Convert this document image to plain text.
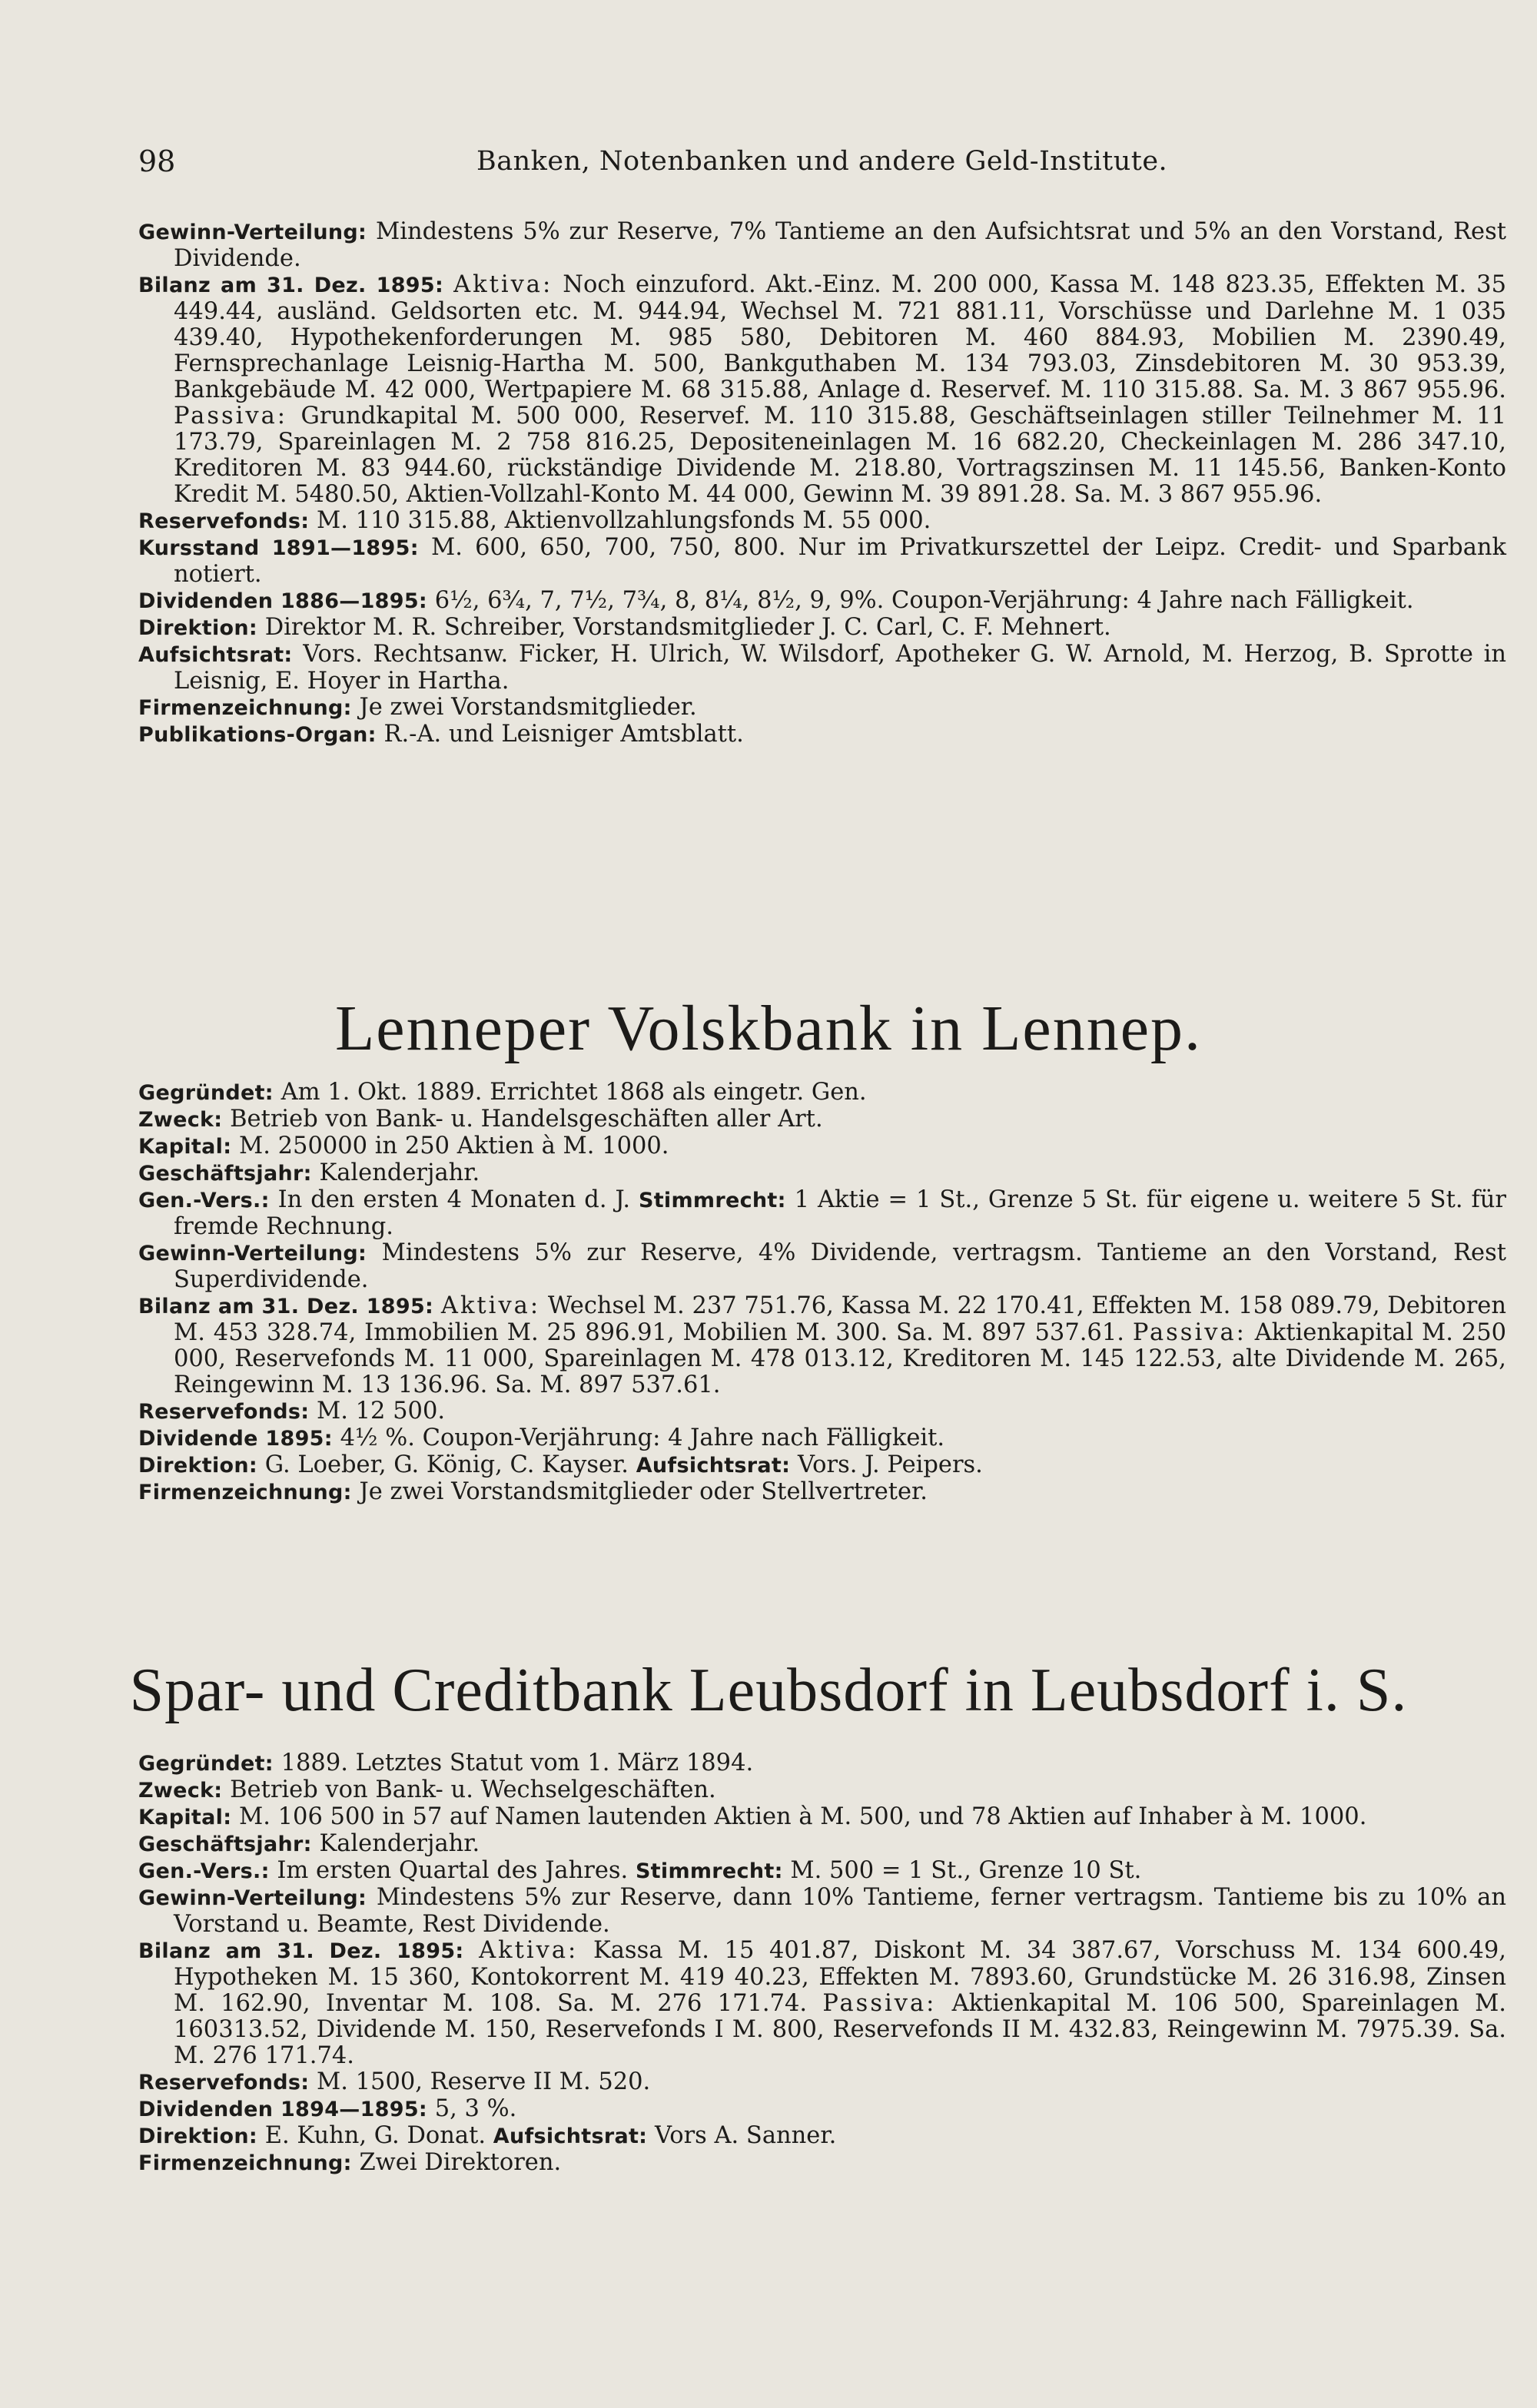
98	Banken, Notenbanken und andere Geld-Institute.
Gewinn-Verteilung: Mindestens 5% zur Reserve, 7% Tantieme an den Aufsichtsrat und 5% an den Vorstand, Rest Dividende.
Bilanz am 31. Dez. 1895: Aktiva: Noch einzuford. Akt.-Einz. M. 200 000, Kassa M. 148 823.35, Effekten M. 35 449.44, ausländ. Geldsorten etc. M. 944.94, Wechsel M. 721 881.11, Vorschüsse und Darlehne M. 1 035 439.40, Hypothekenforderungen M. 985 580, Debitoren M. 460 884.93, Mobilien M. 2390.49, Fernsprechanlage Leisnig-Hartha M. 500, Bankguthaben M. 134 793.03, Zinsdebitoren M. 30 953.39, Bankgebäude M. 42 000, Wertpapiere M. 68 315.88, Anlage d. Reservef. M. 110 315.88. Sa. M. 3 867 955.96. Passiva: Grundkapital M. 500 000, Reservef. M. 110 315.88, Geschäftseinlagen stiller Teilnehmer M. 11 173.79, Spareinlagen M. 2 758 816.25, Depositeneinlagen M. 16 682.20, Checkeinlagen M. 286 347.10, Kreditoren M. 83 944.60, rückständige Dividende M. 218.80, Vortragszinsen M. 11 145.56, Banken-Konto Kredit M. 5480.50, Aktien-Vollzahl-Konto M. 44 000, Gewinn M. 39 891.28. Sa. M. 3 867 955.96.
Reservefonds: M. 110 315.88, Aktienvollzahlungsfonds M. 55 000.
Kursstand 1891—1895: M. 600, 650, 700, 750, 800. Nur im Privatkurszettel der Leipz. Credit- und Sparbank notiert.
Dividenden 1886—1895: 6½, 6¾, 7, 7½, 7¾, 8, 8¼, 8½, 9, 9%. Coupon-Verjährung: 4 Jahre nach Fälligkeit.
Direktion: Direktor M. R. Schreiber, Vorstandsmitglieder J. C. Carl, C. F. Mehnert.
Aufsichtsrat: Vors. Rechtsanw. Ficker, H. Ulrich, W. Wilsdorf, Apotheker G. W. Arnold, M. Herzog, B. Sprotte in Leisnig, E. Hoyer in Hartha.
Firmenzeichnung: Je zwei Vorstandsmitglieder.
Publikations-Organ: R.-A. und Leisniger Amtsblatt.
Lenneper Volskbank in Lennep.
Gegründet: Am 1. Okt. 1889. Errichtet 1868 als eingetr. Gen.
Zweck: Betrieb von Bank- u. Handelsgeschäften aller Art.
Kapital: M. 250000 in 250 Aktien à M. 1000.
Geschäftsjahr: Kalenderjahr.
Gen.-Vers.: In den ersten 4 Monaten d. J. Stimmrecht: 1 Aktie = 1 St., Grenze 5 St. für eigene u. weitere 5 St. für fremde Rechnung.
Gewinn-Verteilung: Mindestens 5% zur Reserve, 4% Dividende, vertragsm. Tantieme an den Vorstand, Rest Superdividende.
Bilanz am 31. Dez. 1895: Aktiva: Wechsel M. 237 751.76, Kassa M. 22 170.41, Effekten M. 158 089.79, Debitoren M. 453 328.74, Immobilien M. 25 896.91, Mobilien M. 300. Sa. M. 897 537.61. Passiva: Aktienkapital M. 250 000, Reservefonds M. 11 000, Spareinlagen M. 478 013.12, Kreditoren M. 145 122.53, alte Dividende M. 265, Reingewinn M. 13 136.96. Sa. M. 897 537.61.
Reservefonds: M. 12 500.
Dividende 1895: 4½ %. Coupon-Verjährung: 4 Jahre nach Fälligkeit.
Direktion: G. Loeber, G. König, C. Kayser. Aufsichtsrat: Vors. J. Peipers.
Firmenzeichnung: Je zwei Vorstandsmitglieder oder Stellvertreter.
Spar- und Creditbank Leubsdorf in Leubsdorf i. S.
Gegründet: 1889. Letztes Statut vom 1. März 1894.
Zweck: Betrieb von Bank- u. Wechselgeschäften.
Kapital: M. 106 500 in 57 auf Namen lautenden Aktien à M. 500, und 78 Aktien auf Inhaber à M. 1000.
Geschäftsjahr: Kalenderjahr.
Gen.-Vers.: Im ersten Quartal des Jahres. Stimmrecht: M. 500 = 1 St., Grenze 10 St.
Gewinn-Verteilung: Mindestens 5% zur Reserve, dann 10% Tantieme, ferner vertragsm. Tantieme bis zu 10% an Vorstand u. Beamte, Rest Dividende.
Bilanz am 31. Dez. 1895: Aktiva: Kassa M. 15 401.87, Diskont M. 34 387.67, Vorschuss M. 134 600.49, Hypotheken M. 15 360, Kontokorrent M. 419 40.23, Effekten M. 7893.60, Grundstücke M. 26 316.98, Zinsen M. 162.90, Inventar M. 108. Sa. M. 276 171.74. Passiva: Aktienkapital M. 106 500, Spareinlagen M. 160313.52, Dividende M. 150, Reservefonds I M. 800, Reservefonds II M. 432.83, Reingewinn M. 7975.39. Sa. M. 276 171.74.
Reservefonds: M. 1500, Reserve II M. 520.
Dividenden 1894—1895: 5, 3 %.
Direktion: E. Kuhn, G. Donat. Aufsichtsrat: Vors A. Sanner.
Firmenzeichnung: Zwei Direktoren.
